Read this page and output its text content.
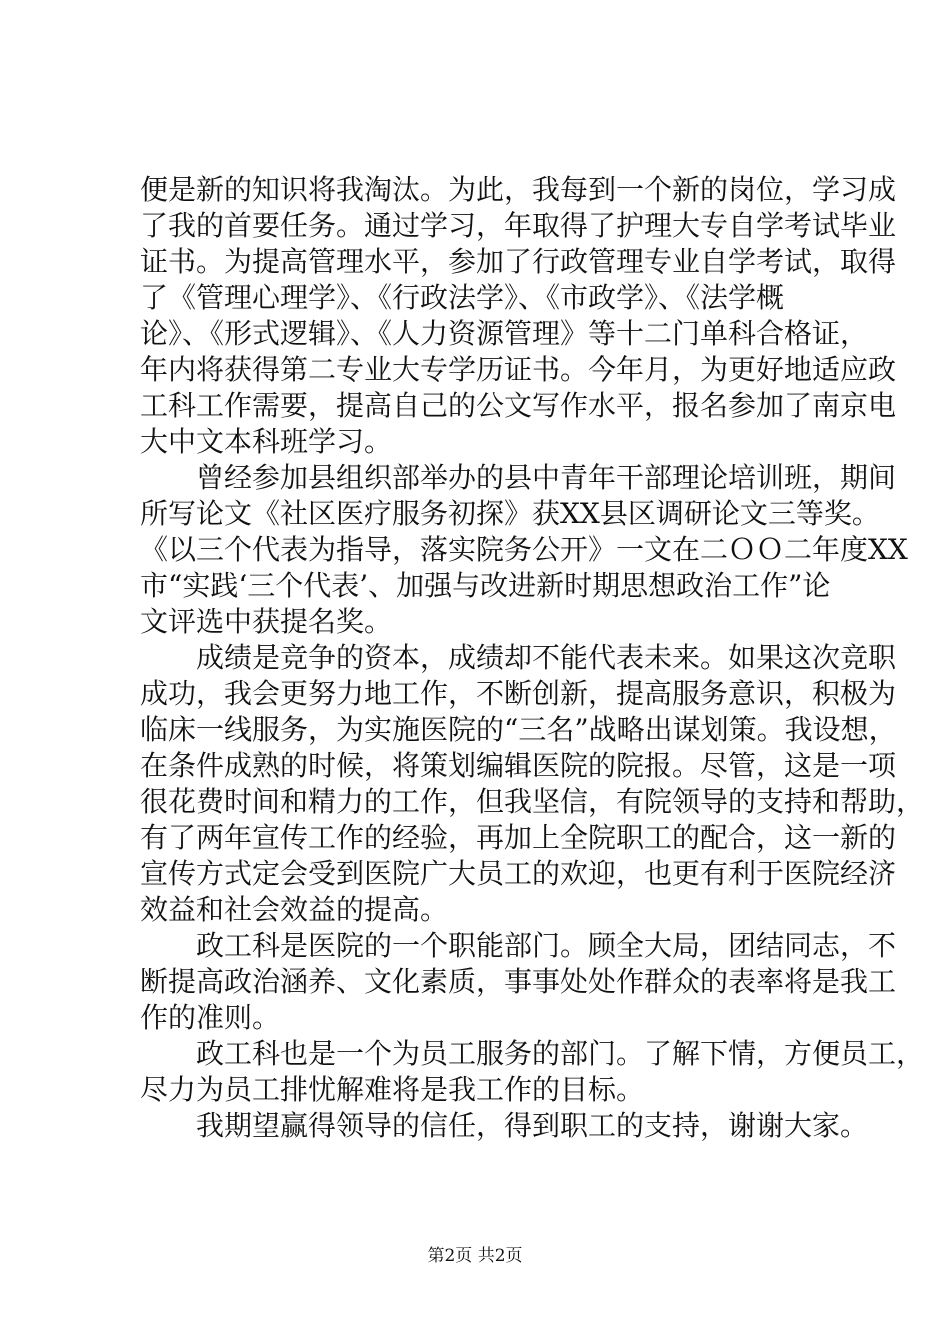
便是新的知识将我淘汰。为此，我每到一个新的岗位，学习成
了我的首要任务。通过学习，年取得了护理大专自学考试毕业
证书。为提高管理水平，参加了行政管理专业自学考试，取得
了《管理心理学》、《行政法学》、《市政学》、《法学概
论》、《形式逻辑》、《人力资源管理》等十二门单科合格证，
年内将获得第二专业大专学历证书。今年月，为更好地适应政
工科工作需要，提高自己的公文写作水平，报名参加了南京电
大中文本科班学习。
　　曾经参加县组织部举办的县中青年干部理论培训班，期间
所写论文《社区医疗服务初探》获XX县区调研论文三等奖。
《以三个代表为指导，落实院务公开》一文在二ＯＯ二年度XX
市“实践‘三个代表’、加强与改进新时期思想政治工作”论
文评选中获提名奖。
　　成绩是竞争的资本，成绩却不能代表未来。如果这次竞职
成功，我会更努力地工作，不断创新，提高服务意识，积极为
临床一线服务，为实施医院的“三名”战略出谋划策。我设想，
在条件成熟的时候，将策划编辑医院的院报。尽管，这是一项
很花费时间和精力的工作，但我坚信，有院领导的支持和帮助，
有了两年宣传工作的经验，再加上全院职工的配合，这一新的
宣传方式定会受到医院广大员工的欢迎，也更有利于医院经济
效益和社会效益的提高。
　　政工科是医院的一个职能部门。顾全大局，团结同志，不
断提高政治涵养、文化素质，事事处处作群众的表率将是我工
作的准则。
　　政工科也是一个为员工服务的部门。了解下情，方便员工，
尽力为员工排忧解难将是我工作的目标。
　　我期望赢得领导的信任，得到职工的支持，谢谢大家。
第2页 共2页
